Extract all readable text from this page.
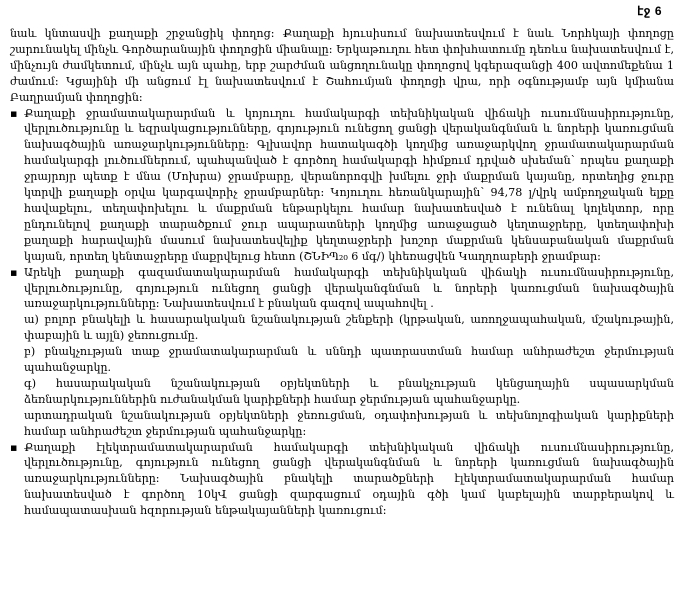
էջ 6

նաև կնտասվի քաղաքի շրջանցիկ փողոց։ Քաղաքի հյուսիսում նախատեսվում է նաև Նորհկայի փողոցը շարունակել մինչև Գործարանային փողոցին միանալը։ Երկաթուղու հետ փոխհատումը դեռևս նախատեսվում է, մինչույն ժամկետում, մինչև այն պահը, երբ շարժման անցողունակը փողոցով կգերազանցի 400 ավտոմեքենա 1 ժամում։ Կցայինի մի անցում էլ նախատեսվում է Շահումյան փողոցի վրա, որի օգնությամբ այն կմիանա Բաղրամյան փողոցին։

▪ Քաղաքի ջրամատակարարման և կոյուղու համակարգի տեխնիկական վիճակի ուսումնասիրությունը, վերլուծությունը և եզրակացությունները, գոյություն ունեցող ցանցի վերականգնման և նորերի կառուցման նախագծային առաջարկությունները։ Գլխավոր հատակագծի կողմից առաջարկվող ջրամատակարարման համակարգի լուծումներում, պահպանված է գործող համակարգի հիմքում դրված սխեման՝ որպես քաղաքի ջրայրոյր պետք է մնա (Մոխրա) ջրամբարը, վերանորոգվի խմելու ջրի մաքրման կայանը, որտեղից ջուրը կտրվի քաղաքի օրվա կարգավորիչ ջրամբարներ։ Կոյուղու հեռանկարային՝ 94,78 լ/վրկ ամբողջական ելքը հավաքելու, տեղափոխելու և մաքրման ենթարկելու համար նախատեսված է ունենալ կոլեկտոր, որը ընդունելով քաղաքի տարածքում ջուր ապարատների կողմից առաջացած կեղտաջրերը, կտեղափոխի քաղաքի հարավային մասում նախատեսվելիք կեղտաջրերի խոշոր մաքրման կենսաբանական մաքրման կայան, որտեղ կենտաջրերը մաքրվելուց հետո (ՇՆԻՊ₂₀ 6 մգ/) կհեռացվեն Կաղղոաբերի ջրամբար։
▪ Արեկի քաղաքի գազամատակարարման համակարգի տեխնիկական վիճակի ուսումնասիրությունը, վերլուծությունը, գոյություն ունեցող ցանցի վերականգնման և նորերի կառուցման նախագծային առաջարկությունները։ Նախատեսվում է բնական գազով ապահովել .

ա) բոլոր բնակելի և հասարակական նշանակության շենքերի (կրթական, առողջապահական, մշակութային, փաբային և այլն) ջեռուցումը.

բ) բնակչության տաք ջրամատակարարման և սննդի պատրաստման համար անհրաժեշտ ջերմության պահանջարկը.

գ) հասարակական նշանակության օբյեկտների և բնակչության կենցաղային սպասարկման ձեռնարկություններին ուժանակման կարիքների համար ջերմության պահանջարկը.

արտադրական նշանակության օբյեկտների ջեռուցման, օդափոխության և տեխնոլոգիական կարիքների համար անհրաժեշտ ջերմության պահանջարկը։

▪ Քաղաքի էլեկտրամատակարարման համակարգի տեխնիկական վիճակի ուսումնասիրությունը, վերլուծությունը, գոյություն ունեցող ցանցի վերականգնման և նորերի կառուցման նախագծային առաջարկությունները։ Նախագծային բնակելի տարածքների էլեկտրամատակարարման համար նախատեսված է գործող 10կՎ ցանցի զարգացում օդային գծի կամ կաբելային տարբերակով և համապատասխան հզորության ենթակայանների կառուցում։
